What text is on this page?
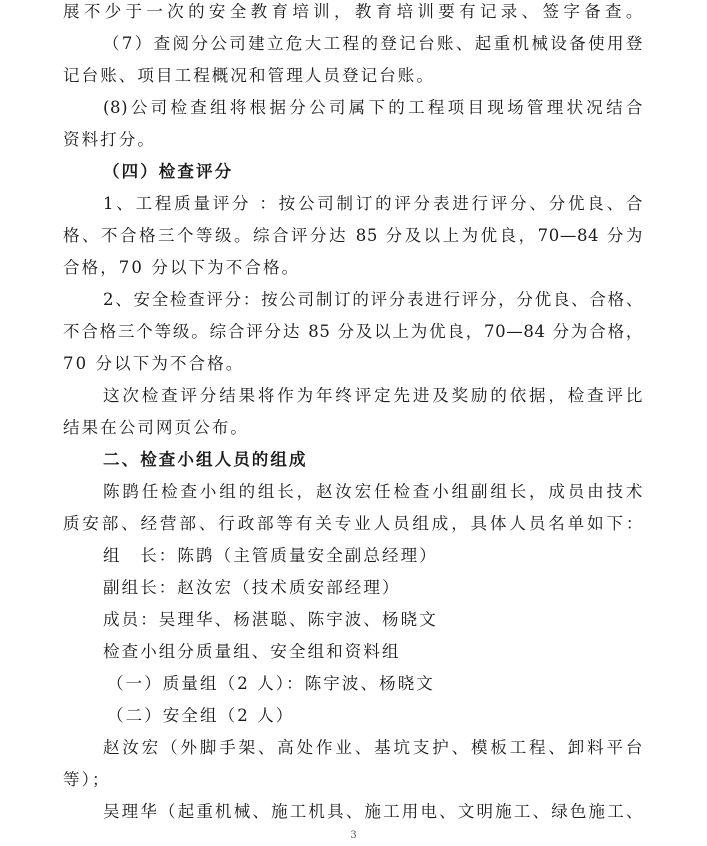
展不少于一次的安全教育培训，教育培训要有记录、签字备查。
（7）查阅分公司建立危大工程的登记台账、起重机械设备使用登
记台账、项目工程概况和管理人员登记台账。
(8)公司检查组将根据分公司属下的工程项目现场管理状况结合
资料打分。
（四）检查评分
1、工程质量评分 ：按公司制订的评分表进行评分、分优良、合
格、不合格三个等级。综合评分达 85 分及以上为优良，70—84 分为
合格，70 分以下为不合格。
2、安全检查评分：按公司制订的评分表进行评分，分优良、合格、
不合格三个等级。综合评分达 85 分及以上为优良，70—84 分为合格，
70 分以下为不合格。
这次检查评分结果将作为年终评定先进及奖励的依据，检查评比
结果在公司网页公布。
二、检查小组人员的组成
陈鹍任检查小组的组长，赵汝宏任检查小组副组长，成员由技术
质安部、经营部、行政部等有关专业人员组成，具体人员名单如下：
组　长：陈鹍（主管质量安全副总经理）
副组长：赵汝宏（技术质安部经理）
成员：吴理华、杨湛聪、陈宇波、杨晓文
检查小组分质量组、安全组和资料组
（一）质量组（2 人）：陈宇波、杨晓文
（二）安全组（2 人）
赵汝宏（外脚手架、高处作业、基坑支护、模板工程、卸料平台
等）；
吴理华（起重机械、施工机具、施工用电、文明施工、绿色施工、
3
